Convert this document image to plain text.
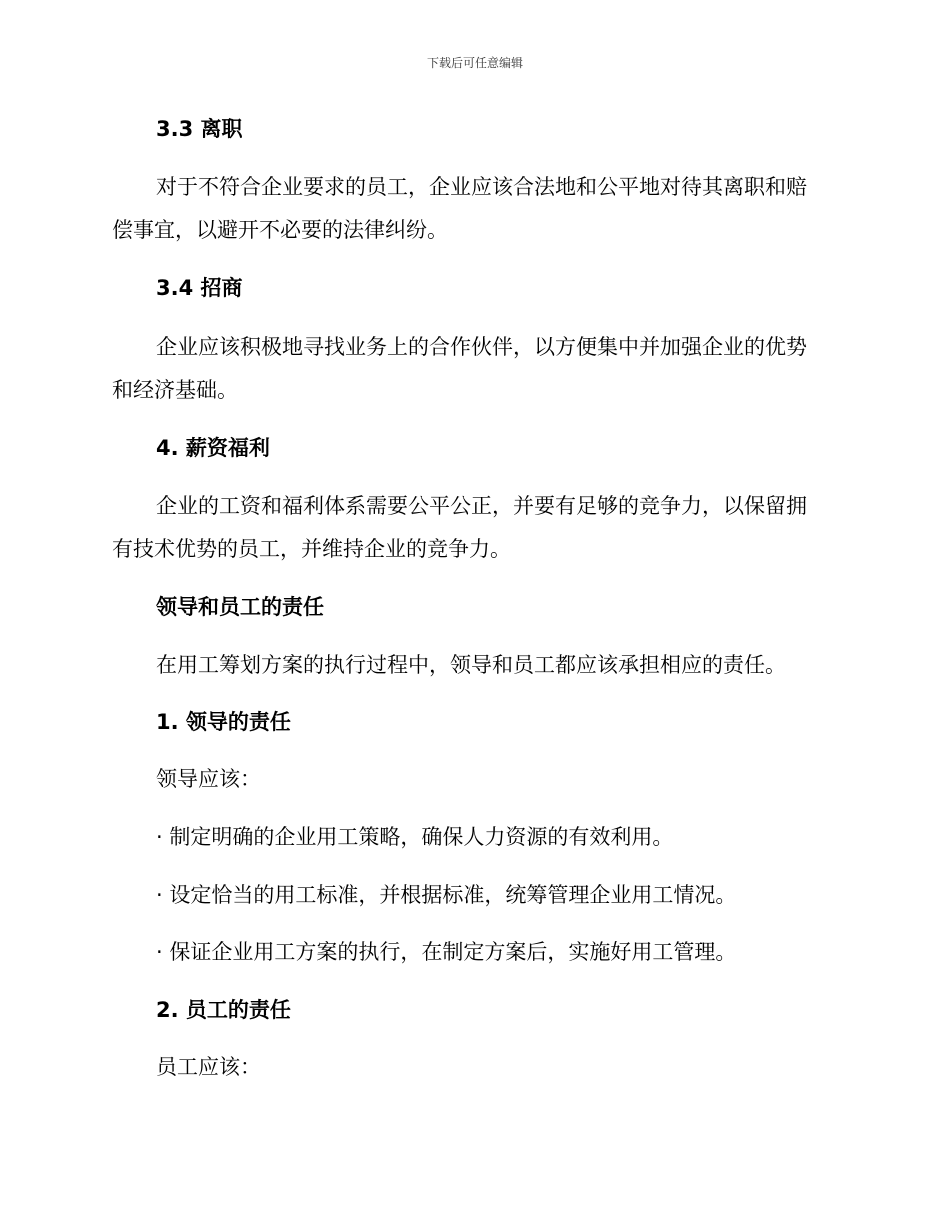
下载后可任意编辑
3.3 离职
对于不符合企业要求的员工，企业应该合法地和公平地对待其离职和赔
偿事宜，以避开不必要的法律纠纷。
3.4 招商
企业应该积极地寻找业务上的合作伙伴，以方便集中并加强企业的优势
和经济基础。
4. 薪资福利
企业的工资和福利体系需要公平公正，并要有足够的竞争力，以保留拥
有技术优势的员工，并维持企业的竞争力。
领导和员工的责任
在用工筹划方案的执行过程中，领导和员工都应该承担相应的责任。
1. 领导的责任
领导应该：
· 制定明确的企业用工策略，确保人力资源的有效利用。
· 设定恰当的用工标准，并根据标准，统筹管理企业用工情况。
· 保证企业用工方案的执行，在制定方案后，实施好用工管理。
2. 员工的责任
员工应该：
